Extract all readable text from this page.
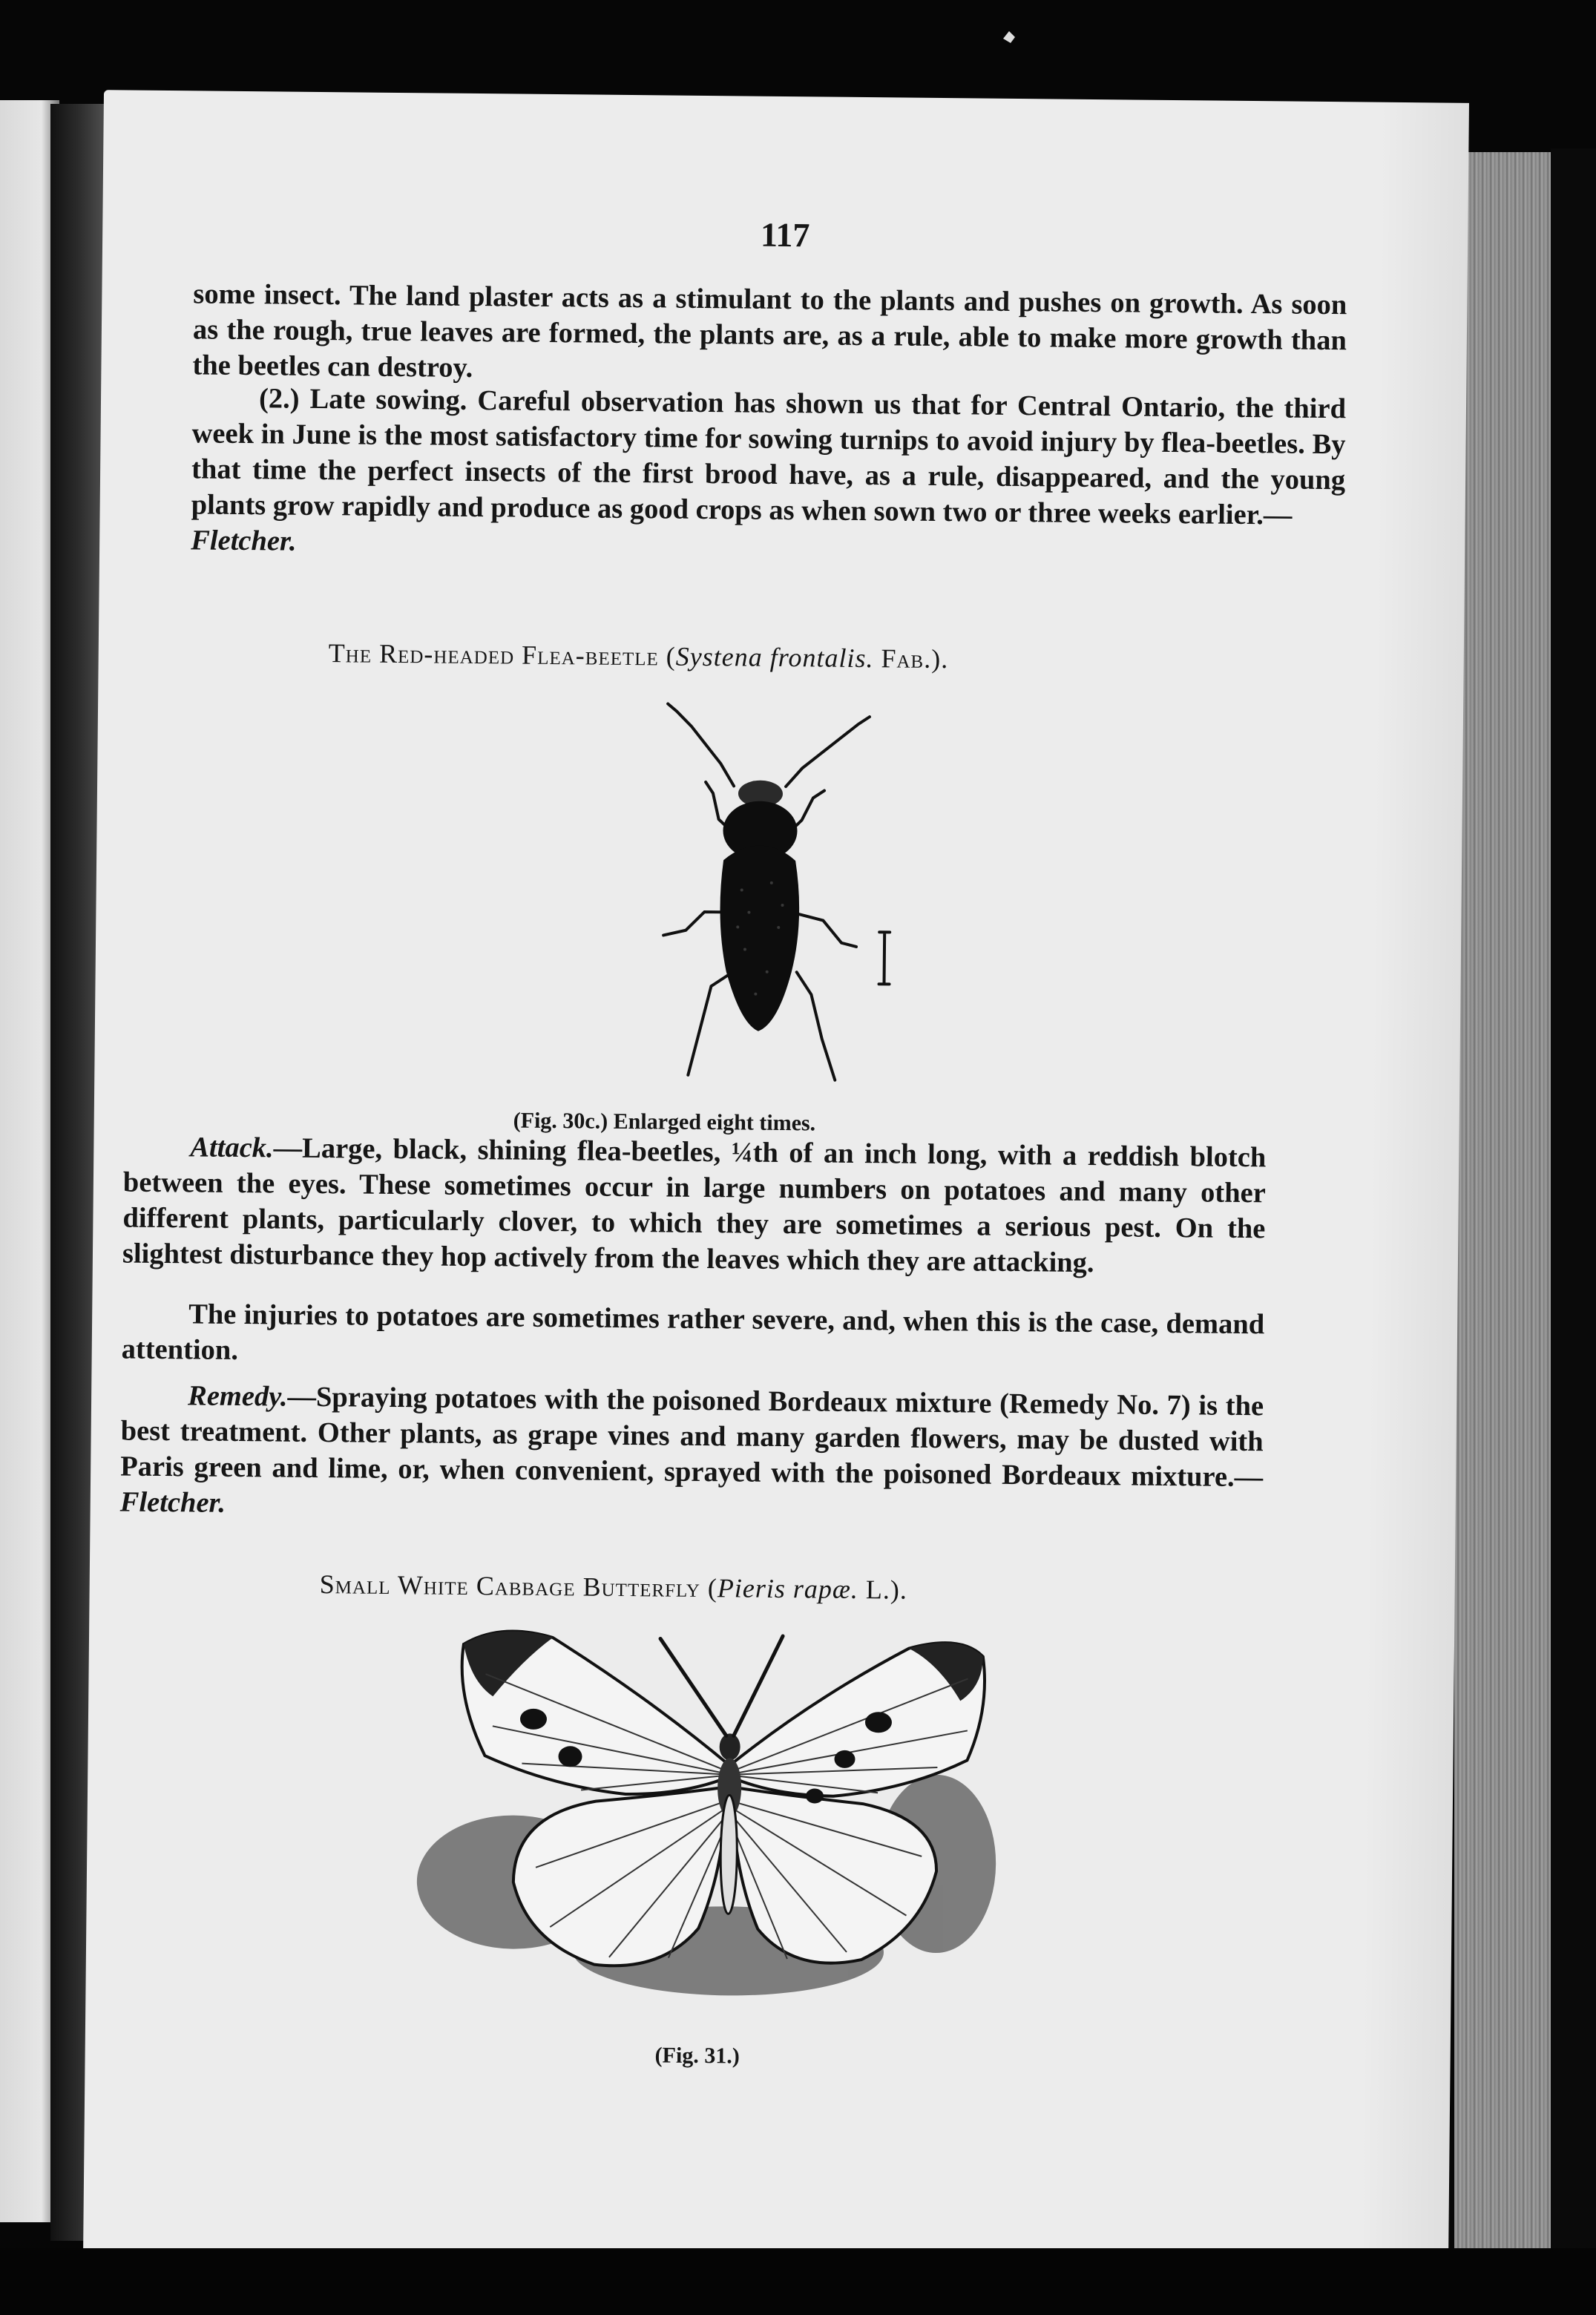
117

some insect. The land plaster acts as a stimulant to the plants and pushes on growth. As soon as the rough, true leaves are formed, the plants are, as a rule, able to make more growth than the beetles can destroy.

(2.) Late sowing. Careful observation has shown us that for Central Ontario, the third week in June is the most satisfactory time for sowing turnips to avoid injury by flea-beetles. By that time the perfect insects of the first brood have, as a rule, disappeared, and the young plants grow rapidly and produce as good crops as when sown two or three weeks earlier.—
Fletcher.

The Red-headed Flea-beetle (Systena frontalis. Fab.).
(Fig. 30c.) Enlarged eight times.

Attack.—Large, black, shining flea-beetles, ¼th of an inch long, with a reddish blotch between the eyes. These sometimes occur in large numbers on potatoes and many other different plants, particularly clover, to which they are sometimes a serious pest. On the slightest disturbance they hop actively from the leaves which they are attacking.

The injuries to potatoes are sometimes rather severe, and, when this is the case, demand attention.

Remedy.—Spraying potatoes with the poisoned Bordeaux mixture (Remedy No. 7) is the best treatment. Other plants, as grape vines and many garden flowers, may be dusted with Paris green and lime, or, when convenient, sprayed with the poisoned Bordeaux mixture.—Fletcher.

Small White Cabbage Butterfly (Pieris rapæ. L.).
(Fig. 31.)
